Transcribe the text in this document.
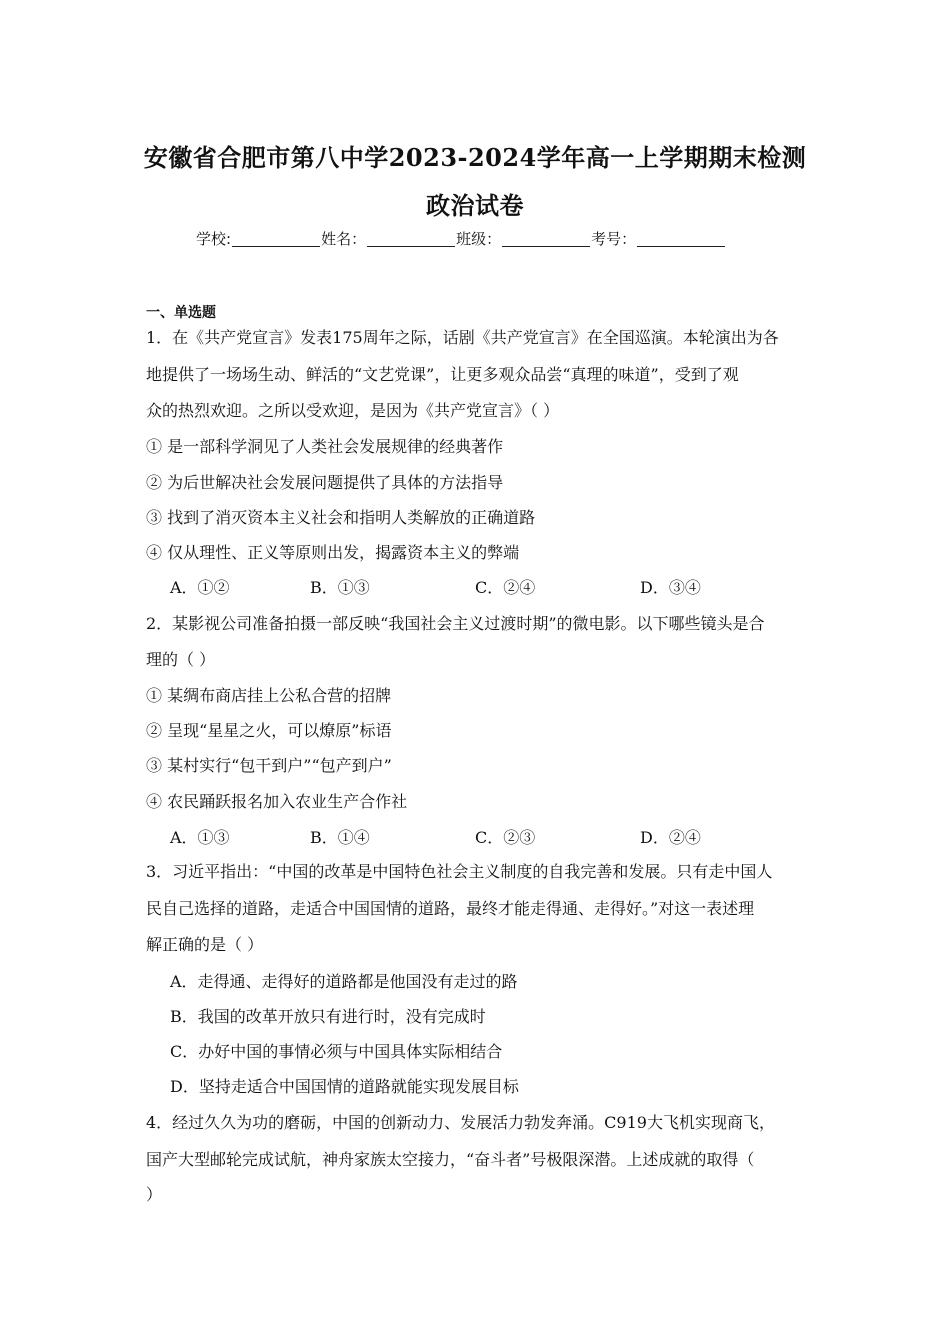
安徽省合肥市第八中学2023-2024学年高一上学期期末检测
政治试卷
学校:	姓名：	班级：	考号：
一、单选题
1．在《共产党宣言》发表175周年之际，话剧《共产党宣言》在全国巡演。本轮演出为各
地提供了一场场生动、鲜活的“文艺党课”，让更多观众品尝“真理的味道”，受到了观
众的热烈欢迎。之所以受欢迎，是因为《共产党宣言》（ ）
① 是一部科学洞见了人类社会发展规律的经典著作
② 为后世解决社会发展问题提供了具体的方法指导
③ 找到了消灭资本主义社会和指明人类解放的正确道路
④ 仅从理性、正义等原则出发，揭露资本主义的弊端
A．①②	B．①③	C．②④	D．③④
2．某影视公司准备拍摄一部反映“我国社会主义过渡时期”的微电影。以下哪些镜头是合
理的（ ）
① 某绸布商店挂上公私合营的招牌
② 呈现“星星之火，可以燎原”标语
③ 某村实行“包干到户”“包产到户”
④ 农民踊跃报名加入农业生产合作社
A．①③	B．①④	C．②③	D．②④
3．习近平指出：“中国的改革是中国特色社会主义制度的自我完善和发展。只有走中国人
民自己选择的道路，走适合中国国情的道路，最终才能走得通、走得好。”对这一表述理
解正确的是（ ）
A．走得通、走得好的道路都是他国没有走过的路
B．我国的改革开放只有进行时，没有完成时
C．办好中国的事情必须与中国具体实际相结合
D．坚持走适合中国国情的道路就能实现发展目标
4．经过久久为功的磨砺，中国的创新动力、发展活力勃发奔涌。C919大飞机实现商飞，
国产大型邮轮完成试航，神舟家族太空接力，“奋斗者”号极限深潜。上述成就的取得（
）
